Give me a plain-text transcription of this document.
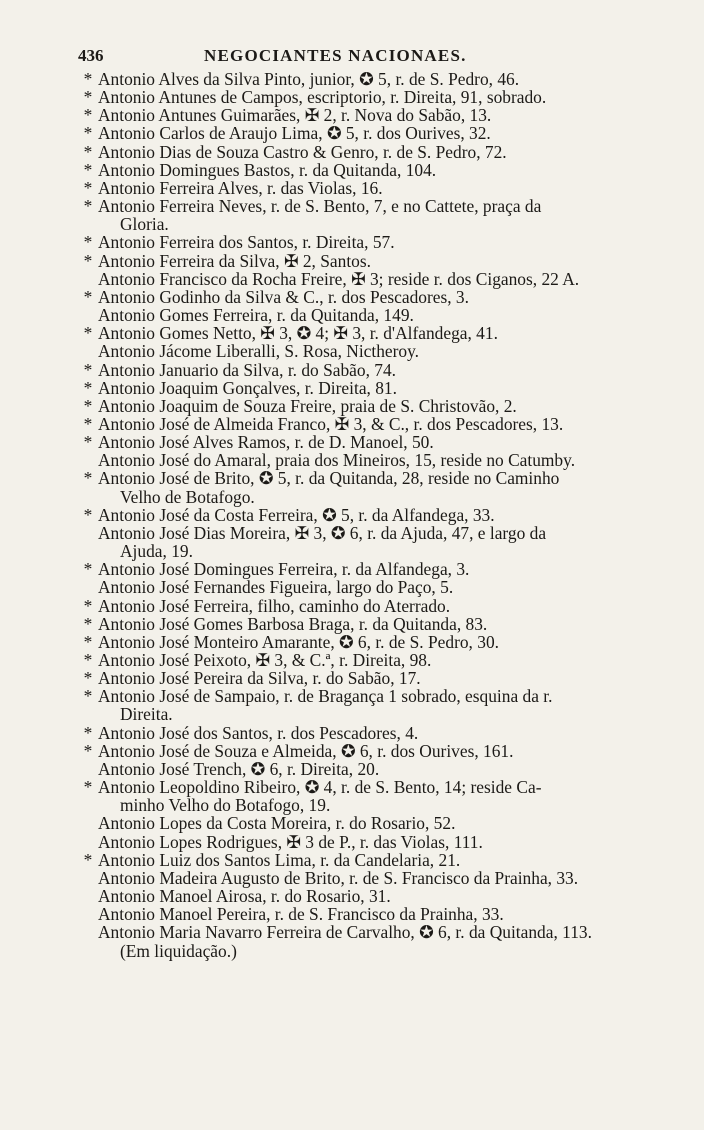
436	NEGOCIANTES NACIONAES.
* Antonio Alves da Silva Pinto, junior, ✪ 5, r. de S. Pedro, 46.
* Antonio Antunes de Campos, escriptorio, r. Direita, 91, sobrado.
* Antonio Antunes Guimarães, ✠ 2, r. Nova do Sabão, 13.
* Antonio Carlos de Araujo Lima, ✪ 5, r. dos Ourives, 32.
* Antonio Dias de Souza Castro & Genro, r. de S. Pedro, 72.
* Antonio Domingues Bastos, r. da Quitanda, 104.
* Antonio Ferreira Alves, r. das Violas, 16.
* Antonio Ferreira Neves, r. de S. Bento, 7, e no Cattete, praça da
Gloria.
* Antonio Ferreira dos Santos, r. Direita, 57.
* Antonio Ferreira da Silva, ✠ 2, Santos.
Antonio Francisco da Rocha Freire, ✠ 3; reside r. dos Ciganos, 22 A.
* Antonio Godinho da Silva & C., r. dos Pescadores, 3.
Antonio Gomes Ferreira, r. da Quitanda, 149.
* Antonio Gomes Netto, ✠ 3, ✪ 4; ✠ 3, r. d'Alfandega, 41.
Antonio Jácome Liberalli, S. Rosa, Nictheroy.
* Antonio Januario da Silva, r. do Sabão, 74.
* Antonio Joaquim Gonçalves, r. Direita, 81.
* Antonio Joaquim de Souza Freire, praia de S. Christovão, 2.
* Antonio José de Almeida Franco, ✠ 3, & C., r. dos Pescadores, 13.
* Antonio José Alves Ramos, r. de D. Manoel, 50.
Antonio José do Amaral, praia dos Mineiros, 15, reside no Catumby.
* Antonio José de Brito, ✪ 5, r. da Quitanda, 28, reside no Caminho
Velho de Botafogo.
* Antonio José da Costa Ferreira, ✪ 5, r. da Alfandega, 33.
Antonio José Dias Moreira, ✠ 3, ✪ 6, r. da Ajuda, 47, e largo da
Ajuda, 19.
* Antonio José Domingues Ferreira, r. da Alfandega, 3.
Antonio José Fernandes Figueira, largo do Paço, 5.
* Antonio José Ferreira, filho, caminho do Aterrado.
* Antonio José Gomes Barbosa Braga, r. da Quitanda, 83.
* Antonio José Monteiro Amarante, ✪ 6, r. de S. Pedro, 30.
* Antonio José Peixoto, ✠ 3, & C.ª, r. Direita, 98.
* Antonio José Pereira da Silva, r. do Sabão, 17.
* Antonio José de Sampaio, r. de Bragança 1 sobrado, esquina da r.
Direita.
* Antonio José dos Santos, r. dos Pescadores, 4.
* Antonio José de Souza e Almeida, ✪ 6, r. dos Ourives, 161.
Antonio José Trench, ✪ 6, r. Direita, 20.
* Antonio Leopoldino Ribeiro, ✪ 4, r. de S. Bento, 14; reside Ca-
minho Velho do Botafogo, 19.
Antonio Lopes da Costa Moreira, r. do Rosario, 52.
Antonio Lopes Rodrigues, ✠ 3 de P., r. das Violas, 111.
* Antonio Luiz dos Santos Lima, r. da Candelaria, 21.
Antonio Madeira Augusto de Brito, r. de S. Francisco da Prainha, 33.
Antonio Manoel Airosa, r. do Rosario, 31.
Antonio Manoel Pereira, r. de S. Francisco da Prainha, 33.
Antonio Maria Navarro Ferreira de Carvalho, ✪ 6, r. da Quitanda, 113.
(Em liquidação.)
